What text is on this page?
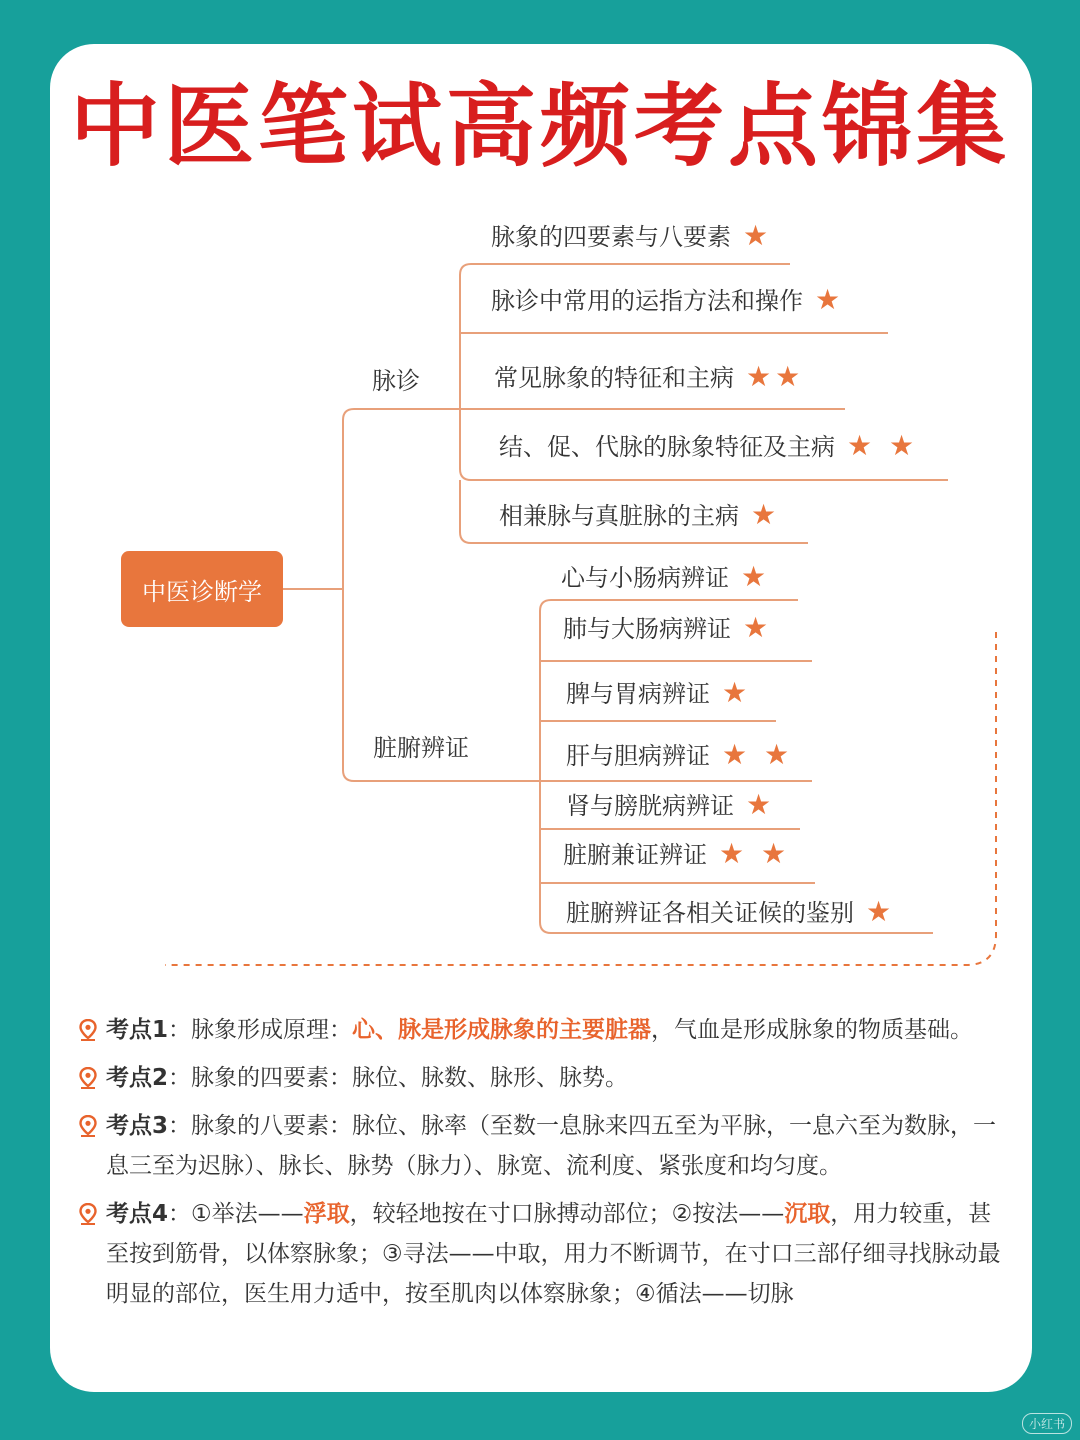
中医笔试高频考点锦集
中医诊断学
脉诊
脏腑辨证
脉象的四要素与八要素 ★
脉诊中常用的运指方法和操作 ★
常见脉象的特征和主病 ★★
结、促、代脉的脉象特征及主病 ★ ★
相兼脉与真脏脉的主病 ★
心与小肠病辨证 ★
肺与大肠病辨证 ★
脾与胃病辨证 ★
肝与胆病辨证 ★ ★
肾与膀胱病辨证 ★
脏腑兼证辨证 ★ ★
脏腑辨证各相关证候的鉴别 ★
考点1：脉象形成原理：心、脉是形成脉象的主要脏器，气血是形成脉象的物质基础。
考点2：脉象的四要素：脉位、脉数、脉形、脉势。
考点3：脉象的八要素：脉位、脉率（至数一息脉来四五至为平脉，一息六至为数脉，一息三至为迟脉）、脉长、脉势（脉力）、脉宽、流利度、紧张度和均匀度。
考点4：①举法——浮取，较轻地按在寸口脉搏动部位；②按法——沉取，用力较重，甚至按到筋骨，以体察脉象；③寻法——中取，用力不断调节，在寸口三部仔细寻找脉动最明显的部位，医生用力适中，按至肌肉以体察脉象；④循法——切脉
小红书
